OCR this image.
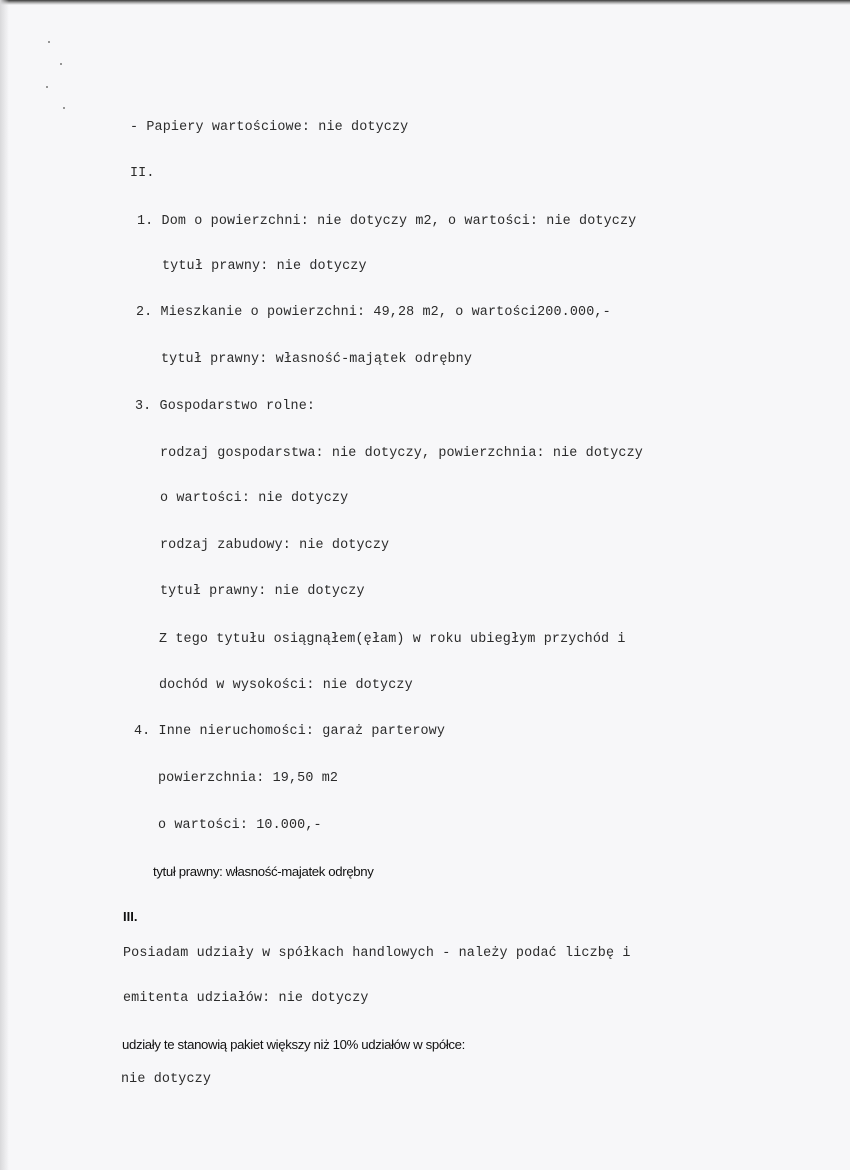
- Papiery wartościowe: nie dotyczy

II.

1. Dom o powierzchni: nie dotyczy m2, o wartości: nie dotyczy

tytuł prawny: nie dotyczy

2. Mieszkanie o powierzchni: 49,28 m2, o wartości200.000,-

tytuł prawny: własność-majątek odrębny

3. Gospodarstwo rolne:

rodzaj gospodarstwa: nie dotyczy, powierzchnia: nie dotyczy

o wartości: nie dotyczy

rodzaj zabudowy: nie dotyczy

tytuł prawny: nie dotyczy

Z tego tytułu osiągnąłem(ęłam) w roku ubiegłym przychód i

dochód w wysokości: nie dotyczy

4. Inne nieruchomości: garaż parterowy

powierzchnia: 19,50 m2

o wartości: 10.000,-

tytuł prawny: własność-majatek odrębny

III.

Posiadam udziały w spółkach handlowych - należy podać liczbę i

emitenta udziałów: nie dotyczy

udziały te stanowią pakiet większy niż 10% udziałów w spółce:

nie dotyczy
